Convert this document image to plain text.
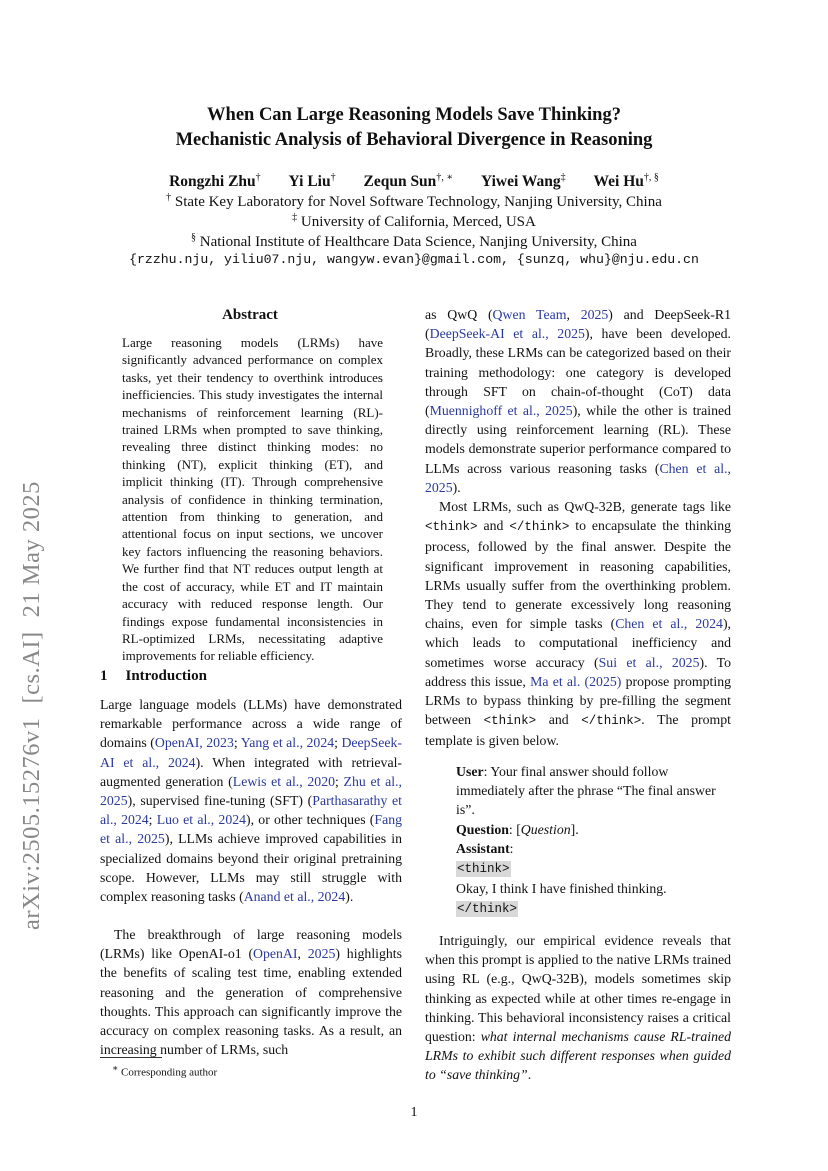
arXiv:2505.15276v1[cs.AI]21 May 2025
When Can Large Reasoning Models Save Thinking?
Mechanistic Analysis of Behavioral Divergence in Reasoning
Rongzhi Zhu† Yi Liu† Zequn Sun†, ∗ Yiwei Wang‡ Wei Hu†, §
† State Key Laboratory for Novel Software Technology, Nanjing University, China
‡ University of California, Merced, USA
§ National Institute of Healthcare Data Science, Nanjing University, China
{rzzhu.nju, yiliu07.nju, wangyw.evan}@gmail.com, {sunzq, whu}@nju.edu.cn
Abstract
Large reasoning models (LRMs) have significantly advanced performance on complex tasks, yet their tendency to overthink introduces inefficiencies. This study investigates the internal mechanisms of reinforcement learning (RL)-trained LRMs when prompted to save thinking, revealing three distinct thinking modes: no thinking (NT), explicit thinking (ET), and implicit thinking (IT). Through comprehensive analysis of confidence in thinking termination, attention from thinking to generation, and attentional focus on input sections, we uncover key factors influencing the reasoning behaviors. We further find that NT reduces output length at the cost of accuracy, while ET and IT maintain accuracy with reduced response length. Our findings expose fundamental inconsistencies in RL-optimized LRMs, necessitating adaptive improvements for reliable efficiency.
1 Introduction
Large language models (LLMs) have demonstrated remarkable performance across a wide range of domains (OpenAI, 2023; Yang et al., 2024; DeepSeek-AI et al., 2024). When integrated with retrieval-augmented generation (Lewis et al., 2020; Zhu et al., 2025), supervised fine-tuning (SFT) (Parthasarathy et al., 2024; Luo et al., 2024), or other techniques (Fang et al., 2025), LLMs achieve improved capabilities in specialized domains beyond their original pretraining scope. However, LLMs may still struggle with complex reasoning tasks (Anand et al., 2024).
The breakthrough of large reasoning models (LRMs) like OpenAI-o1 (OpenAI, 2025) highlights the benefits of scaling test time, enabling extended reasoning and the generation of comprehensive thoughts. This approach can significantly improve the accuracy on complex reasoning tasks. As a result, an increasing number of LRMs, such
as QwQ (Qwen Team, 2025) and DeepSeek-R1 (DeepSeek-AI et al., 2025), have been developed. Broadly, these LRMs can be categorized based on their training methodology: one category is developed through SFT on chain-of-thought (CoT) data (Muennighoff et al., 2025), while the other is trained directly using reinforcement learning (RL). These models demonstrate superior performance compared to LLMs across various reasoning tasks (Chen et al., 2025).
Most LRMs, such as QwQ-32B, generate tags like <think> and </think> to encapsulate the thinking process, followed by the final answer. Despite the significant improvement in reasoning capabilities, LRMs usually suffer from the overthinking problem. They tend to generate excessively long reasoning chains, even for simple tasks (Chen et al., 2024), which leads to computational inefficiency and sometimes worse accuracy (Sui et al., 2025). To address this issue, Ma et al. (2025) propose prompting LRMs to bypass thinking by pre-filling the segment between <think> and </think>. The prompt template is given below.
User: Your final answer should follow immediately after the phrase “The final answer is”.
Question: [Question].
Assistant:
<think>
Okay, I think I have finished thinking.
</think>
Intriguingly, our empirical evidence reveals that when this prompt is applied to the native LRMs trained using RL (e.g., QwQ-32B), models sometimes skip thinking as expected while at other times re-engage in thinking. This behavioral inconsistency raises a critical question: what internal mechanisms cause RL-trained LRMs to exhibit such different responses when guided to “save thinking”.
∗ Corresponding author
1
